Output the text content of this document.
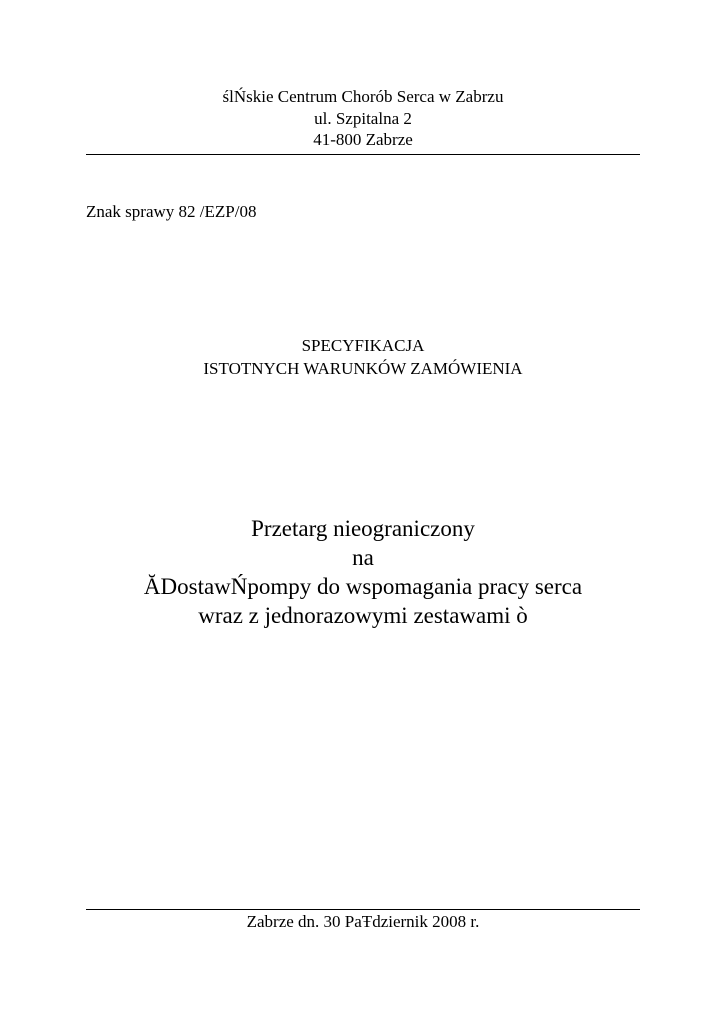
ślŃskie Centrum Chorób Serca w Zabrzu
ul. Szpitalna 2
41-800 Zabrze
Znak sprawy 82 /EZP/08
SPECYFIKACJA
ISTOTNYCH WARUNKÓW ZAMÓWIENIA
Przetarg nieograniczony
na
ĂDostawŃpompy do wspomagania pracy serca
wraz z jednorazowymi zestawami ò
Zabrze dn. 30 PaŦdziernik 2008 r.
